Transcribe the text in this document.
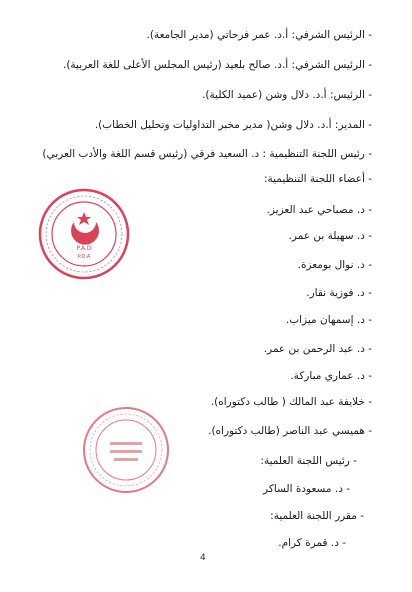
- الرئيس الشرفي: أ.د. عمر فرحاتي (مدير الجامعة).
- الرئيس الشرفي: أ.د. صالح بلعيد (رئيس المجلس الأعلى للغة العربية).
- الرئيس: أ.د. دلال وشن (عميد الكلية).
- المدير: أ.د. دلال وشن( مدير مخبر التداوليات وتحليل الخطاب).
- رئيس اللجنة التنظيمية : د. السعيد فرقي (رئيس قسم اللغة والأدب العربي)
- أعضاء اللجنة التنظيمية:
- د. مصباحي عبد العزيز.
- د. سهيلة بن عمر.
- د. نوال بومعزة.
- د. فوزية نقار.
- د. إسمهان ميزاب.
- د. عبد الرحمن بن عمر.
- د. عماري مباركة.
- خلايفة عبد المالك ( طالب دكتوراه).
- هميسي عبد الناصر (طالب دكتوراه).
- رئيس اللجنة العلمية:
- د. مسعودة الساكر
- مقرر اللجنة العلمية:
- د. قمرة كرام.
4
P.A.D
P.D.A
